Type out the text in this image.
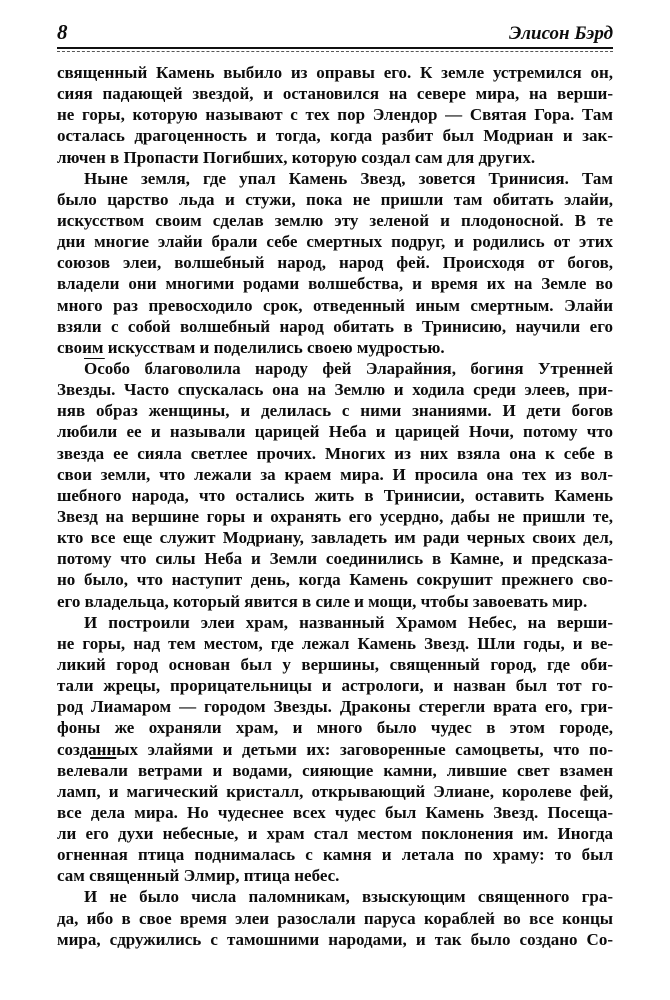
8	Элисон Бэрд

священный Камень выбило из оправы его. К земле устремился он,
сияя падающей звездой, и остановился на севере мира, на верши-
не горы, которую называют с тех пор Элендор — Святая Гора. Там
осталась драгоценность и тогда, когда разбит был Модриан и зак-
лючен в Пропасти Погибших, которую создал сам для других.

Ныне земля, где упал Камень Звезд, зовется Тринисия. Там
было царство льда и стужи, пока не пришли там обитать элайи,
искусством своим сделав землю эту зеленой и плодоносной. В те
дни многие элайи брали себе смертных подруг, и родились от этих
союзов элеи, волшебный народ, народ фей. Происходя от богов,
владели они многими родами волшебства, и время их на Земле во
много раз превосходило срок, отведенный иным смертным. Элайи
взяли с собой волшебный народ обитать в Тринисию, научили его
своим искусствам и поделились своею мудростью.

Особо благоволила народу фей Эларайния, богиня Утренней
Звезды. Часто спускалась она на Землю и ходила среди элеев, при-
няв образ женщины, и делилась с ними знаниями. И дети богов
любили ее и называли царицей Неба и царицей Ночи, потому что
звезда ее сияла светлее прочих. Многих из них взяла она к себе в
свои земли, что лежали за краем мира. И просила она тех из вол-
шебного народа, что остались жить в Тринисии, оставить Камень
Звезд на вершине горы и охранять его усердно, дабы не пришли те,
кто все еще служит Модриану, завладеть им ради черных своих дел,
потому что силы Неба и Земли соединились в Камне, и предсказа-
но было, что наступит день, когда Камень сокрушит прежнего сво-
его владельца, который явится в силе и мощи, чтобы завоевать мир.

И построили элеи храм, названный Храмом Небес, на верши-
не горы, над тем местом, где лежал Камень Звезд. Шли годы, и ве-
ликий город основан был у вершины, священный город, где оби-
тали жрецы, прорицательницы и астрологи, и назван был тот го-
род Лиамаром — городом Звезды. Драконы стерегли врата его, гри-
фоны же охраняли храм, и много было чудес в этом городе,
созданных элайями и детьми их: заговоренные самоцветы, что по-
велевали ветрами и водами, сияющие камни, лившие свет взамен
ламп, и магический кристалл, открывающий Элиане, королеве фей,
все дела мира. Но чудеснее всех чудес был Камень Звезд. Посеща-
ли его духи небесные, и храм стал местом поклонения им. Иногда
огненная птица поднималась с камня и летала по храму: то был
сам священный Элмир, птица небес.

И не было числа паломникам, взыскующим священного гра-
да, ибо в свое время элеи разослали паруса кораблей во все концы
мира, сдружились с тамошними народами, и так было создано Со-
